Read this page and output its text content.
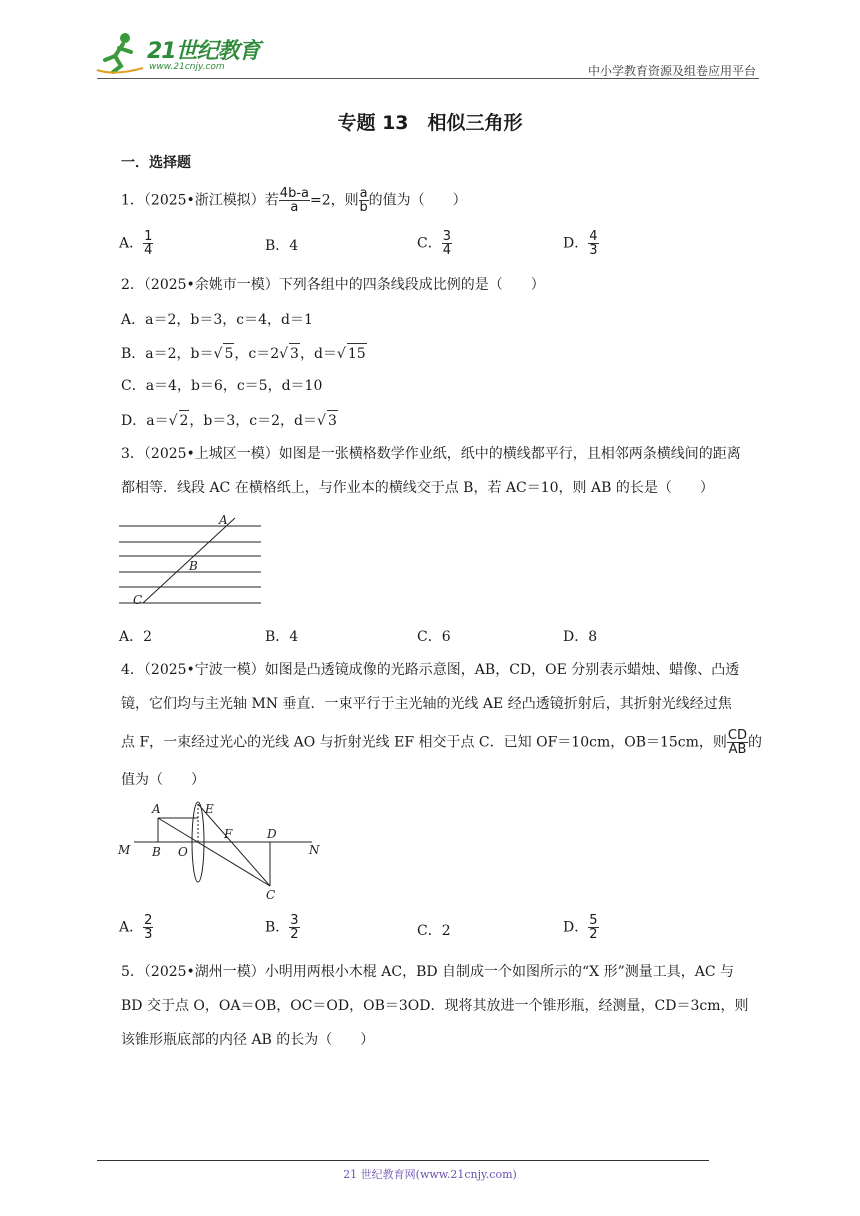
21世纪教育
www.21cnjy.com	中小学教育资源及组卷应用平台
专题 13　相似三角形
一．选择题
1．（2025•浙江模拟）若 $\frac{4b-a}{a} =2$，则 $\frac{a}{b}$ 的值为（　　）
A． $\frac{1}{4}$	B．4	C． $\frac{3}{4}$	D． $\frac{4}{3}$
2．（2025•余姚市一模）下列各组中的四条线段成比例的是（　　）
A．a＝2，b＝3，c＝4，d＝1
B．a＝2，b＝√ 5，c＝2√ 3，d＝√ 15
C．a＝4，b＝6，c＝5，d＝10
D．a＝√ 2，b＝3，c＝2，d＝√ 3
3．（2025•上城区一模）如图是一张横格数学作业纸，纸中的横线都平行，且相邻两条横线间的距离
都相等．线段 AC 在横格纸上，与作业本的横线交于点 B，若 AC＝10，则 AB 的长是（　　）
A
B
C
A．2	B．4	C．6	D．8
4．（2025•宁波一模）如图是凸透镜成像的光路示意图，AB，CD，OE 分别表示蜡烛、蜡像、凸透
镜，它们均与主光轴 MN 垂直．一束平行于主光轴的光线 AE 经凸透镜折射后，其折射光线经过焦
点 F，一束经过光心的光线 AO 与折射光线 EF 相交于点 C．已知 OF＝10cm，OB＝15cm，则 $\frac{CD}{AB}$ 的
值为（　　）
A	E
F	D
M B O	N
C
A． $\frac{2}{3}$	B． $\frac{3}{2}$	C．2	D． $\frac{5}{2}$
5．（2025•湖州一模）小明用两根小木棍 AC，BD 自制成一个如图所示的“X 形”测量工具，AC 与
BD 交于点 O，OA＝OB，OC＝OD，OB＝3OD．现将其放进一个锥形瓶，经测量，CD＝3cm，则
该锥形瓶底部的内径 AB 的长为（　　）
21 世纪教育网(www.21cnjy.com)
